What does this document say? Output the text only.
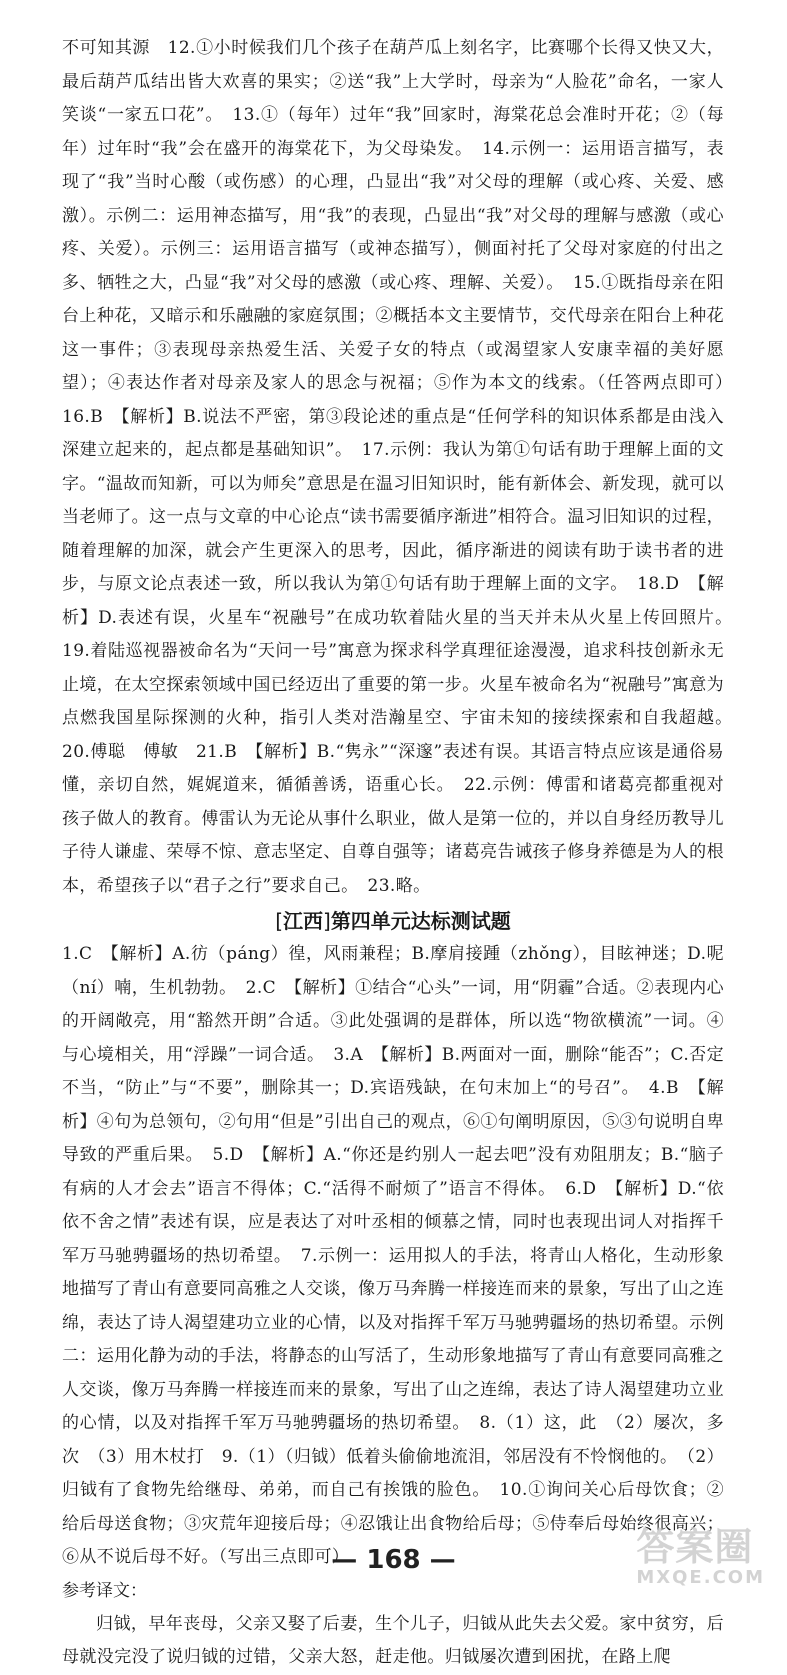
不可知其源　12.①小时候我们几个孩子在葫芦瓜上刻名字，比赛哪个长得又快又大，最后葫芦瓜结出皆大欢喜的果实；②送“我”上大学时，母亲为“人脸花”命名，一家人笑谈“一家五口花”。　13.①（每年）过年“我”回家时，海棠花总会准时开花；②（每年）过年时“我”会在盛开的海棠花下，为父母染发。　14.示例一：运用语言描写，表现了“我”当时心酸（或伤感）的心理，凸显出“我”对父母的理解（或心疼、关爱、感激）。示例二：运用神态描写，用“我”的表现，凸显出“我”对父母的理解与感激（或心疼、关爱）。示例三：运用语言描写（或神态描写），侧面衬托了父母对家庭的付出之多、牺牲之大，凸显“我”对父母的感激（或心疼、理解、关爱）。　15.①既指母亲在阳台上种花，又暗示和乐融融的家庭氛围；②概括本文主要情节，交代母亲在阳台上种花这一事件；③表现母亲热爱生活、关爱子女的特点（或渴望家人安康幸福的美好愿望）；④表达作者对母亲及家人的思念与祝福；⑤作为本文的线索。（任答两点即可）　16.B　【解析】B.说法不严密，第③段论述的重点是“任何学科的知识体系都是由浅入深建立起来的，起点都是基础知识”。　17.示例：我认为第①句话有助于理解上面的文字。“温故而知新，可以为师矣”意思是在温习旧知识时，能有新体会、新发现，就可以当老师了。这一点与文章的中心论点“读书需要循序渐进”相符合。温习旧知识的过程，随着理解的加深，就会产生更深入的思考，因此，循序渐进的阅读有助于读书者的进步，与原文论点表述一致，所以我认为第①句话有助于理解上面的文字。　18.D　【解析】D.表述有误，火星车“祝融号”在成功软着陆火星的当天并未从火星上传回照片。　19.着陆巡视器被命名为“天问一号”寓意为探求科学真理征途漫漫，追求科技创新永无止境，在太空探索领域中国已经迈出了重要的第一步。火星车被命名为“祝融号”寓意为点燃我国星际探测的火种，指引人类对浩瀚星空、宇宙未知的接续探索和自我超越。　20.傅聪　傅敏　21.B　【解析】B.“隽永”“深邃”表述有误。其语言特点应该是通俗易懂，亲切自然，娓娓道来，循循善诱，语重心长。　22.示例：傅雷和诸葛亮都重视对孩子做人的教育。傅雷认为无论从事什么职业，做人是第一位的，并以自身经历教导儿子待人谦虚、荣辱不惊、意志坚定、自尊自强等；诸葛亮告诫孩子修身养德是为人的根本，希望孩子以“君子之行”要求自己。　23.略。

[江西]第四单元达标测试题

1.C　【解析】A.彷（páng）徨，风雨兼程；B.摩肩接踵（zhǒng），目眩神迷；D.呢（ní）喃，生机勃勃。　2.C　【解析】①结合“心头”一词，用“阴霾”合适。②表现内心的开阔敞亮，用“豁然开朗”合适。③此处强调的是群体，所以选“物欲横流”一词。④与心境相关，用“浮躁”一词合适。　3.A　【解析】B.两面对一面，删除“能否”；C.否定不当，“防止”与“不要”，删除其一；D.宾语残缺，在句末加上“的号召”。　4.B　【解析】④句为总领句，②句用“但是”引出自己的观点，⑥①句阐明原因，⑤③句说明自卑导致的严重后果。　5.D　【解析】A.“你还是约别人一起去吧”没有劝阻朋友；B.“脑子有病的人才会去”语言不得体；C.“活得不耐烦了”语言不得体。　6.D　【解析】D.“依依不舍之情”表述有误，应是表达了对叶丞相的倾慕之情，同时也表现出词人对指挥千军万马驰骋疆场的热切希望。　7.示例一：运用拟人的手法，将青山人格化，生动形象地描写了青山有意要同高雅之人交谈，像万马奔腾一样接连而来的景象，写出了山之连绵，表达了诗人渴望建功立业的心情，以及对指挥千军万马驰骋疆场的热切希望。示例二：运用化静为动的手法，将静态的山写活了，生动形象地描写了青山有意要同高雅之人交谈，像万马奔腾一样接连而来的景象，写出了山之连绵，表达了诗人渴望建功立业的心情，以及对指挥千军万马驰骋疆场的热切希望。　8.（1）这，此　（2）屡次，多次　（3）用木杖打　9.（1）（归钺）低着头偷偷地流泪，邻居没有不怜悯他的。　（2）归钺有了食物先给继母、弟弟，而自己有挨饿的脸色。　10.①询问关心后母饮食；②给后母送食物；③灾荒年迎接后母；④忍饿让出食物给后母；⑤侍奉后母始终很高兴；⑥从不说后母不好。（写出三点即可）

参考译文：

归钺，早年丧母，父亲又娶了后妻，生个儿子，归钺从此失去父爱。家中贫穷，后母就没完没了说归钺的过错，父亲大怒，赶走他。归钺屡次遭到困扰，在路上爬

— 168 —	答案圈
MXQE.COM
